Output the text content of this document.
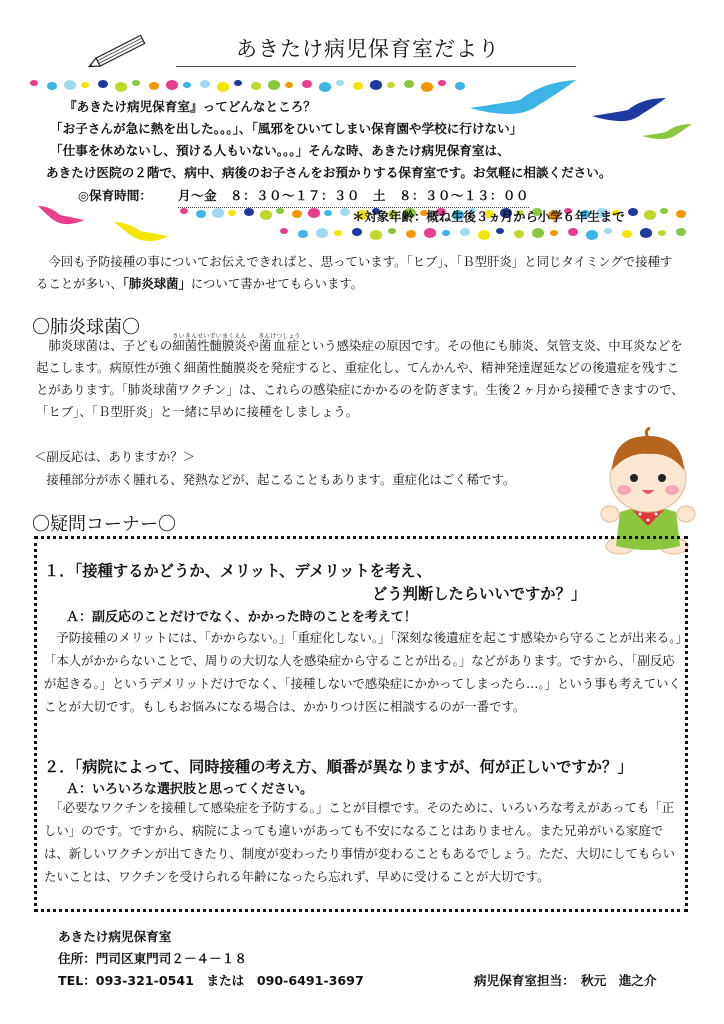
あきたけ病児保育室だより
『あきたけ病児保育室』ってどんなところ？
「お子さんが急に熱を出した。。。」、「風邪をひいてしまい保育園や学校に行けない」
「仕事を休めないし、預ける人もいない。。。」そんな時、あきたけ病児保育室は、
あきたけ医院の２階で、病中、病後のお子さんをお預かりする保育室です。お気軽に相談ください。
◎保育時間： 月～金　８：３０～１７：３０　土　８：３０～１３：００
＊対象年齢：概ね生後３ヵ月から小学６年生まで
　今回も予防接種の事についてお伝えできればと、思っています。「ヒブ」、「Ｂ型肝炎」と同じタイミングで接種することが多い、「肺炎球菌」について書かせてもらいます。
〇肺炎球菌〇
　肺炎球菌は、子どもの細菌性髄膜炎さいきんせいずいまくえんや菌血症きんけつしょうという感染症の原因です。その他にも肺炎、気管支炎、中耳炎などを起こします。病原性が強く細菌性髄膜炎を発症すると、重症化し、てんかんや、精神発達遅延などの後遺症を残すことがあります。「肺炎球菌ワクチン」は、これらの感染症にかかるのを防ぎます。生後２ヶ月から接種できますので、「ヒブ」、「Ｂ型肝炎」と一緒に早めに接種をしましょう。
＜副反応は、ありますか？＞
　接種部分が赤く腫れる、発熱などが、起こることもあります。重症化はごく稀です。
〇疑問コーナー〇
１．「接種するかどうか、メリット、デメリットを考え、
どう判断したらいいですか？」
Ａ：副反応のことだけでなく、かかった時のことを考えて！
　予防接種のメリットには、「かからない。」「重症化しない。」「深刻な後遺症を起こす感染から守ることが出来る。」「本人がかからないことで、周りの大切な人を感染症から守ることが出る。」などがあります。ですから、「副反応が起きる。」というデメリットだけでなく、「接種しないで感染症にかかってしまったら…。」という事も考えていくことが大切です。もしもお悩みになる場合は、かかりつけ医に相談するのが一番です。
２．「病院によって、同時接種の考え方、順番が異なりますが、何が正しいですか？」
Ａ：いろいろな選択肢と思ってください。
　「必要なワクチンを接種して感染症を予防する。」ことが目標です。そのために、いろいろな考えがあっても「正しい」のです。ですから、病院によっても違いがあっても不安になることはありません。また兄弟がいる家庭では、新しいワクチンが出てきたり、制度が変わったり事情が変わることもあるでしょう。ただ、大切にしてもらいたいことは、ワクチンを受けられる年齢になったら忘れず、早めに受けることが大切です。
あきたけ病児保育室
住所：門司区東門司２－４－１８
TEL：093-321-0541　または　090-6491-3697	病児保育室担当：　秋元　進之介
